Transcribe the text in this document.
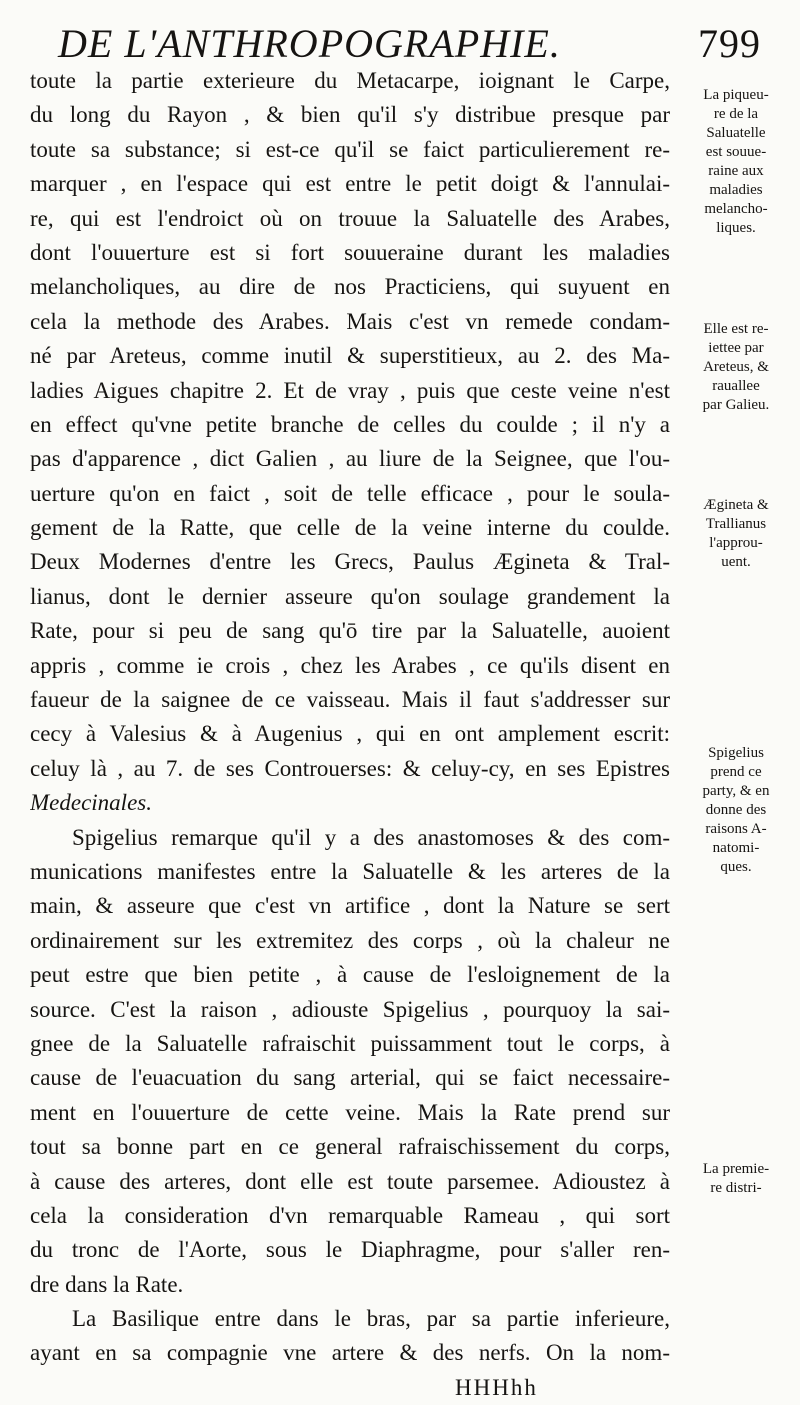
DE L'ANTHROPOGRAPHIE.	799
toute la partie exterieure du Metacarpe, ioignant le Carpe,
du long du Rayon , & bien qu'il s'y distribue presque par
toute sa substance; si est-ce qu'il se faict particulierement re-
marquer , en l'espace qui est entre le petit doigt & l'annulai-
re, qui est l'endroict où on trouue la Saluatelle des Arabes,
dont l'ouuerture est si fort souueraine durant les maladies
melancholiques, au dire de nos Practiciens, qui suyuent en
cela la methode des Arabes. Mais c'est vn remede condam-
né par Areteus, comme inutil & superstitieux, au 2. des Ma-
ladies Aigues chapitre 2. Et de vray , puis que ceste veine n'est
en effect qu'vne petite branche de celles du coulde ; il n'y a
pas d'apparence , dict Galien , au liure de la Seignee, que l'ou-
uerture qu'on en faict , soit de telle efficace , pour le soula-
gement de la Ratte, que celle de la veine interne du coulde.
Deux Modernes d'entre les Grecs, Paulus Ægineta & Tral-
lianus, dont le dernier asseure qu'on soulage grandement la
Rate, pour si peu de sang qu'ō tire par la Saluatelle, auoient
appris , comme ie crois , chez les Arabes , ce qu'ils disent en
faueur de la saignee de ce vaisseau. Mais il faut s'addresser sur
cecy à Valesius & à Augenius , qui en ont amplement escrit:
celuy là , au 7. de ses Controuerses: & celuy-cy, en ses Epistres
Medecinales.
Spigelius remarque qu'il y a des anastomoses & des com-
munications manifestes entre la Saluatelle & les arteres de la
main, & asseure que c'est vn artifice , dont la Nature se sert
ordinairement sur les extremitez des corps , où la chaleur ne
peut estre que bien petite , à cause de l'esloignement de la
source. C'est la raison , adiouste Spigelius , pourquoy la sai-
gnee de la Saluatelle rafraischit puissamment tout le corps, à
cause de l'euacuation du sang arterial, qui se faict necessaire-
ment en l'ouuerture de cette veine. Mais la Rate prend sur
tout sa bonne part en ce general rafraischissement du corps,
à cause des arteres, dont elle est toute parsemee. Adioustez à
cela la consideration d'vn remarquable Rameau , qui sort
du tronc de l'Aorte, sous le Diaphragme, pour s'aller ren-
dre dans la Rate.
La Basilique entre dans le bras, par sa partie inferieure,
ayant en sa compagnie vne artere & des nerfs. On la nom-
HHHhh
La piqueu-
re de la
Saluatelle
est souue-
raine aux
maladies
melancho-
liques.
Elle est re-
iettee par
Areteus, &
rauallee
par Galieu.
Ægineta &
Trallianus
l'approu-
uent.
Spigelius
prend ce
party, & en
donne des
raisons A-
natomi-
ques.
La premie-
re distri-
